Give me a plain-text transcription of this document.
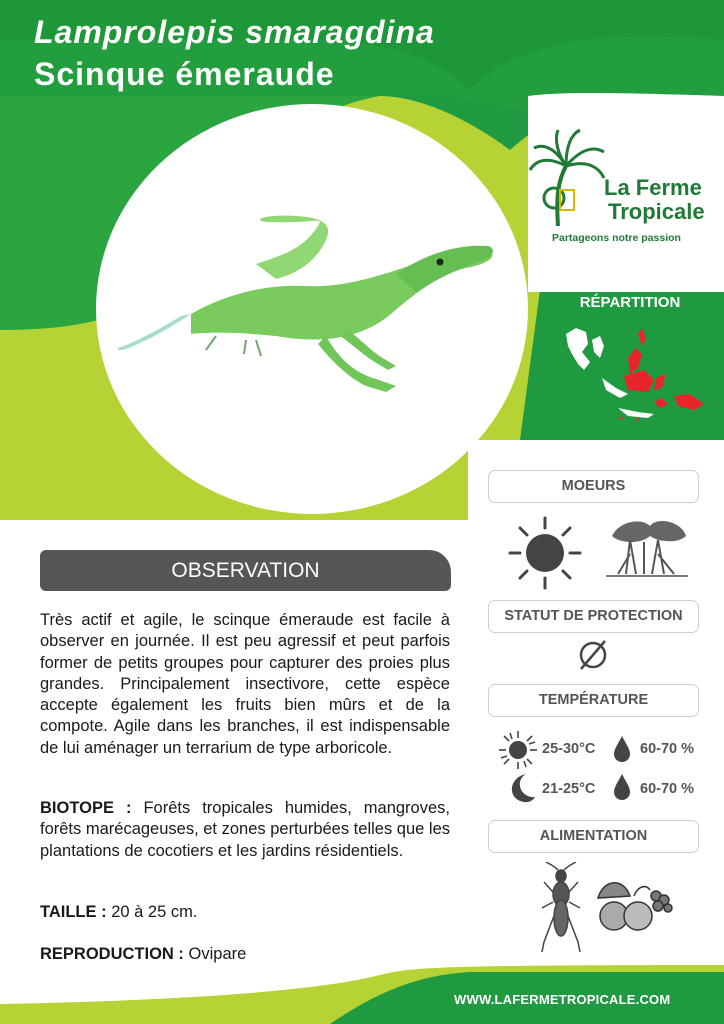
Lamprolepis smaragdina
Scinque émeraude
La Ferme
Tropicale
Partageons notre passion
RÉPARTITION
MOEURS
STATUT DE PROTECTION
TEMPÉRATURE
25-30°C	60-70 %
21-25°C	60-70 %
ALIMENTATION
OBSERVATION
Très actif et agile, le scinque émeraude est facile à observer en journée. Il est peu agressif et peut parfois former de petits groupes pour capturer des proies plus grandes. Principalement insectivore, cette espèce accepte également les fruits bien mûrs et de la compote. Agile dans les branches, il est indispensable de lui aménager un terrarium de type arboricole.
BIOTOPE : Forêts tropicales humides, mangroves, forêts marécageuses, et zones perturbées telles que les plantations de cocotiers et les jardins résidentiels.
TAILLE : 20 à 25 cm.
REPRODUCTION : Ovipare
WWW.LAFERMETROPICALE.COM
